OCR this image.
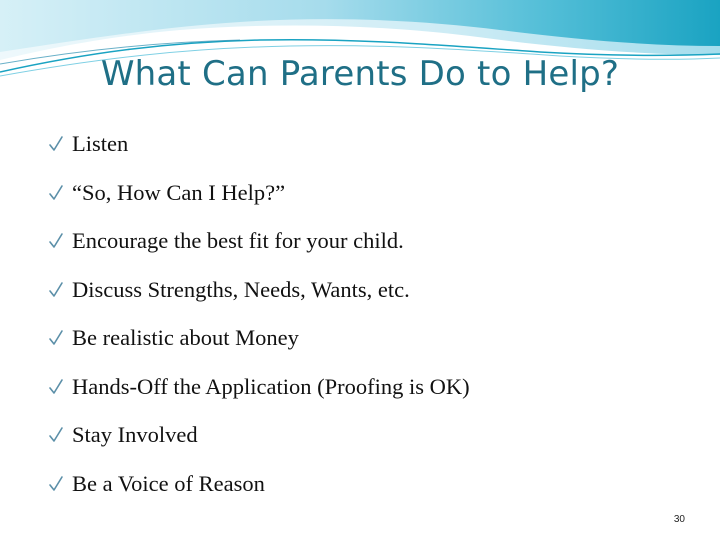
What Can Parents Do to Help?
Listen
“So, How Can I Help?”
Encourage the best fit for your child.
Discuss Strengths, Needs, Wants, etc.
Be realistic about Money
Hands-Off the Application (Proofing is OK)
Stay Involved
Be a Voice of Reason
30
